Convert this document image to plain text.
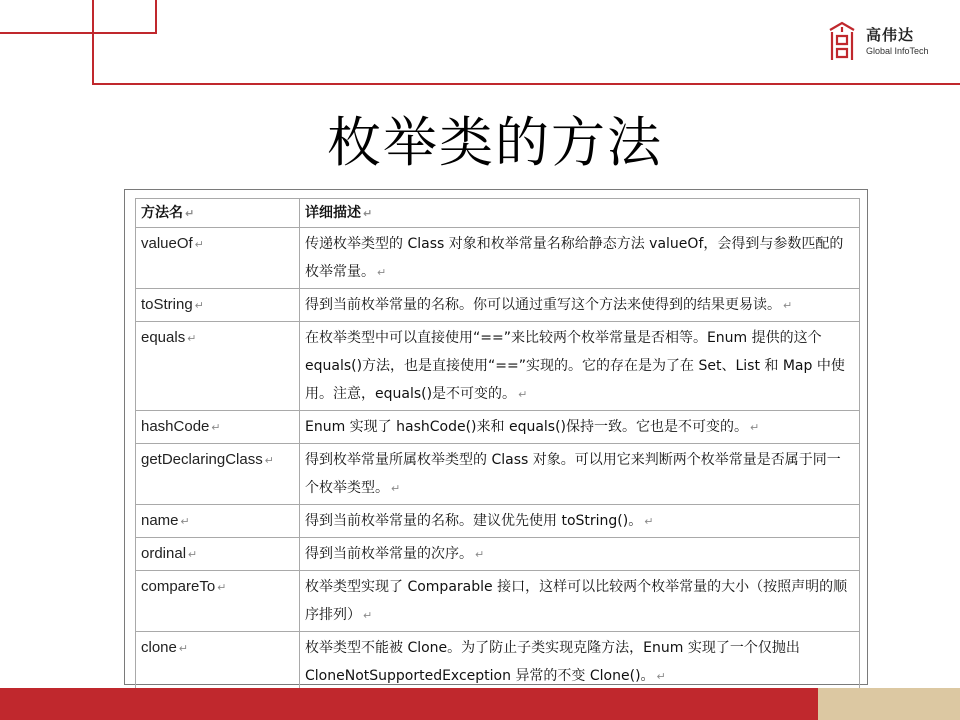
高伟达
Global InfoTech
枚举类的方法
方法名 ↵	详细描述 ↵
valueOf ↵	传递枚举类型的 Class 对象和枚举常量名称给静态方法 valueOf，会得到与参数匹配的枚举常量。 ↵
toString ↵	得到当前枚举常量的名称。你可以通过重写这个方法来使得到的结果更易读。 ↵
equals ↵	在枚举类型中可以直接使用“==”来比较两个枚举常量是否相等。Enum 提供的这个 equals()方法，也是直接使用“==”实现的。它的存在是为了在 Set、List 和 Map 中使用。注意，equals()是不可变的。 ↵
hashCode ↵	Enum 实现了 hashCode()来和 equals()保持一致。它也是不可变的。 ↵
getDeclaringClass ↵	得到枚举常量所属枚举类型的 Class 对象。可以用它来判断两个枚举常量是否属于同一个枚举类型。 ↵
name ↵	得到当前枚举常量的名称。建议优先使用 toString()。 ↵
ordinal ↵	得到当前枚举常量的次序。 ↵
compareTo ↵	枚举类型实现了 Comparable 接口，这样可以比较两个枚举常量的大小（按照声明的顺序排列） ↵
clone ↵	枚举类型不能被 Clone。为了防止子类实现克隆方法，Enum 实现了一个仅抛出 CloneNotSupportedException 异常的不变 Clone()。 ↵
